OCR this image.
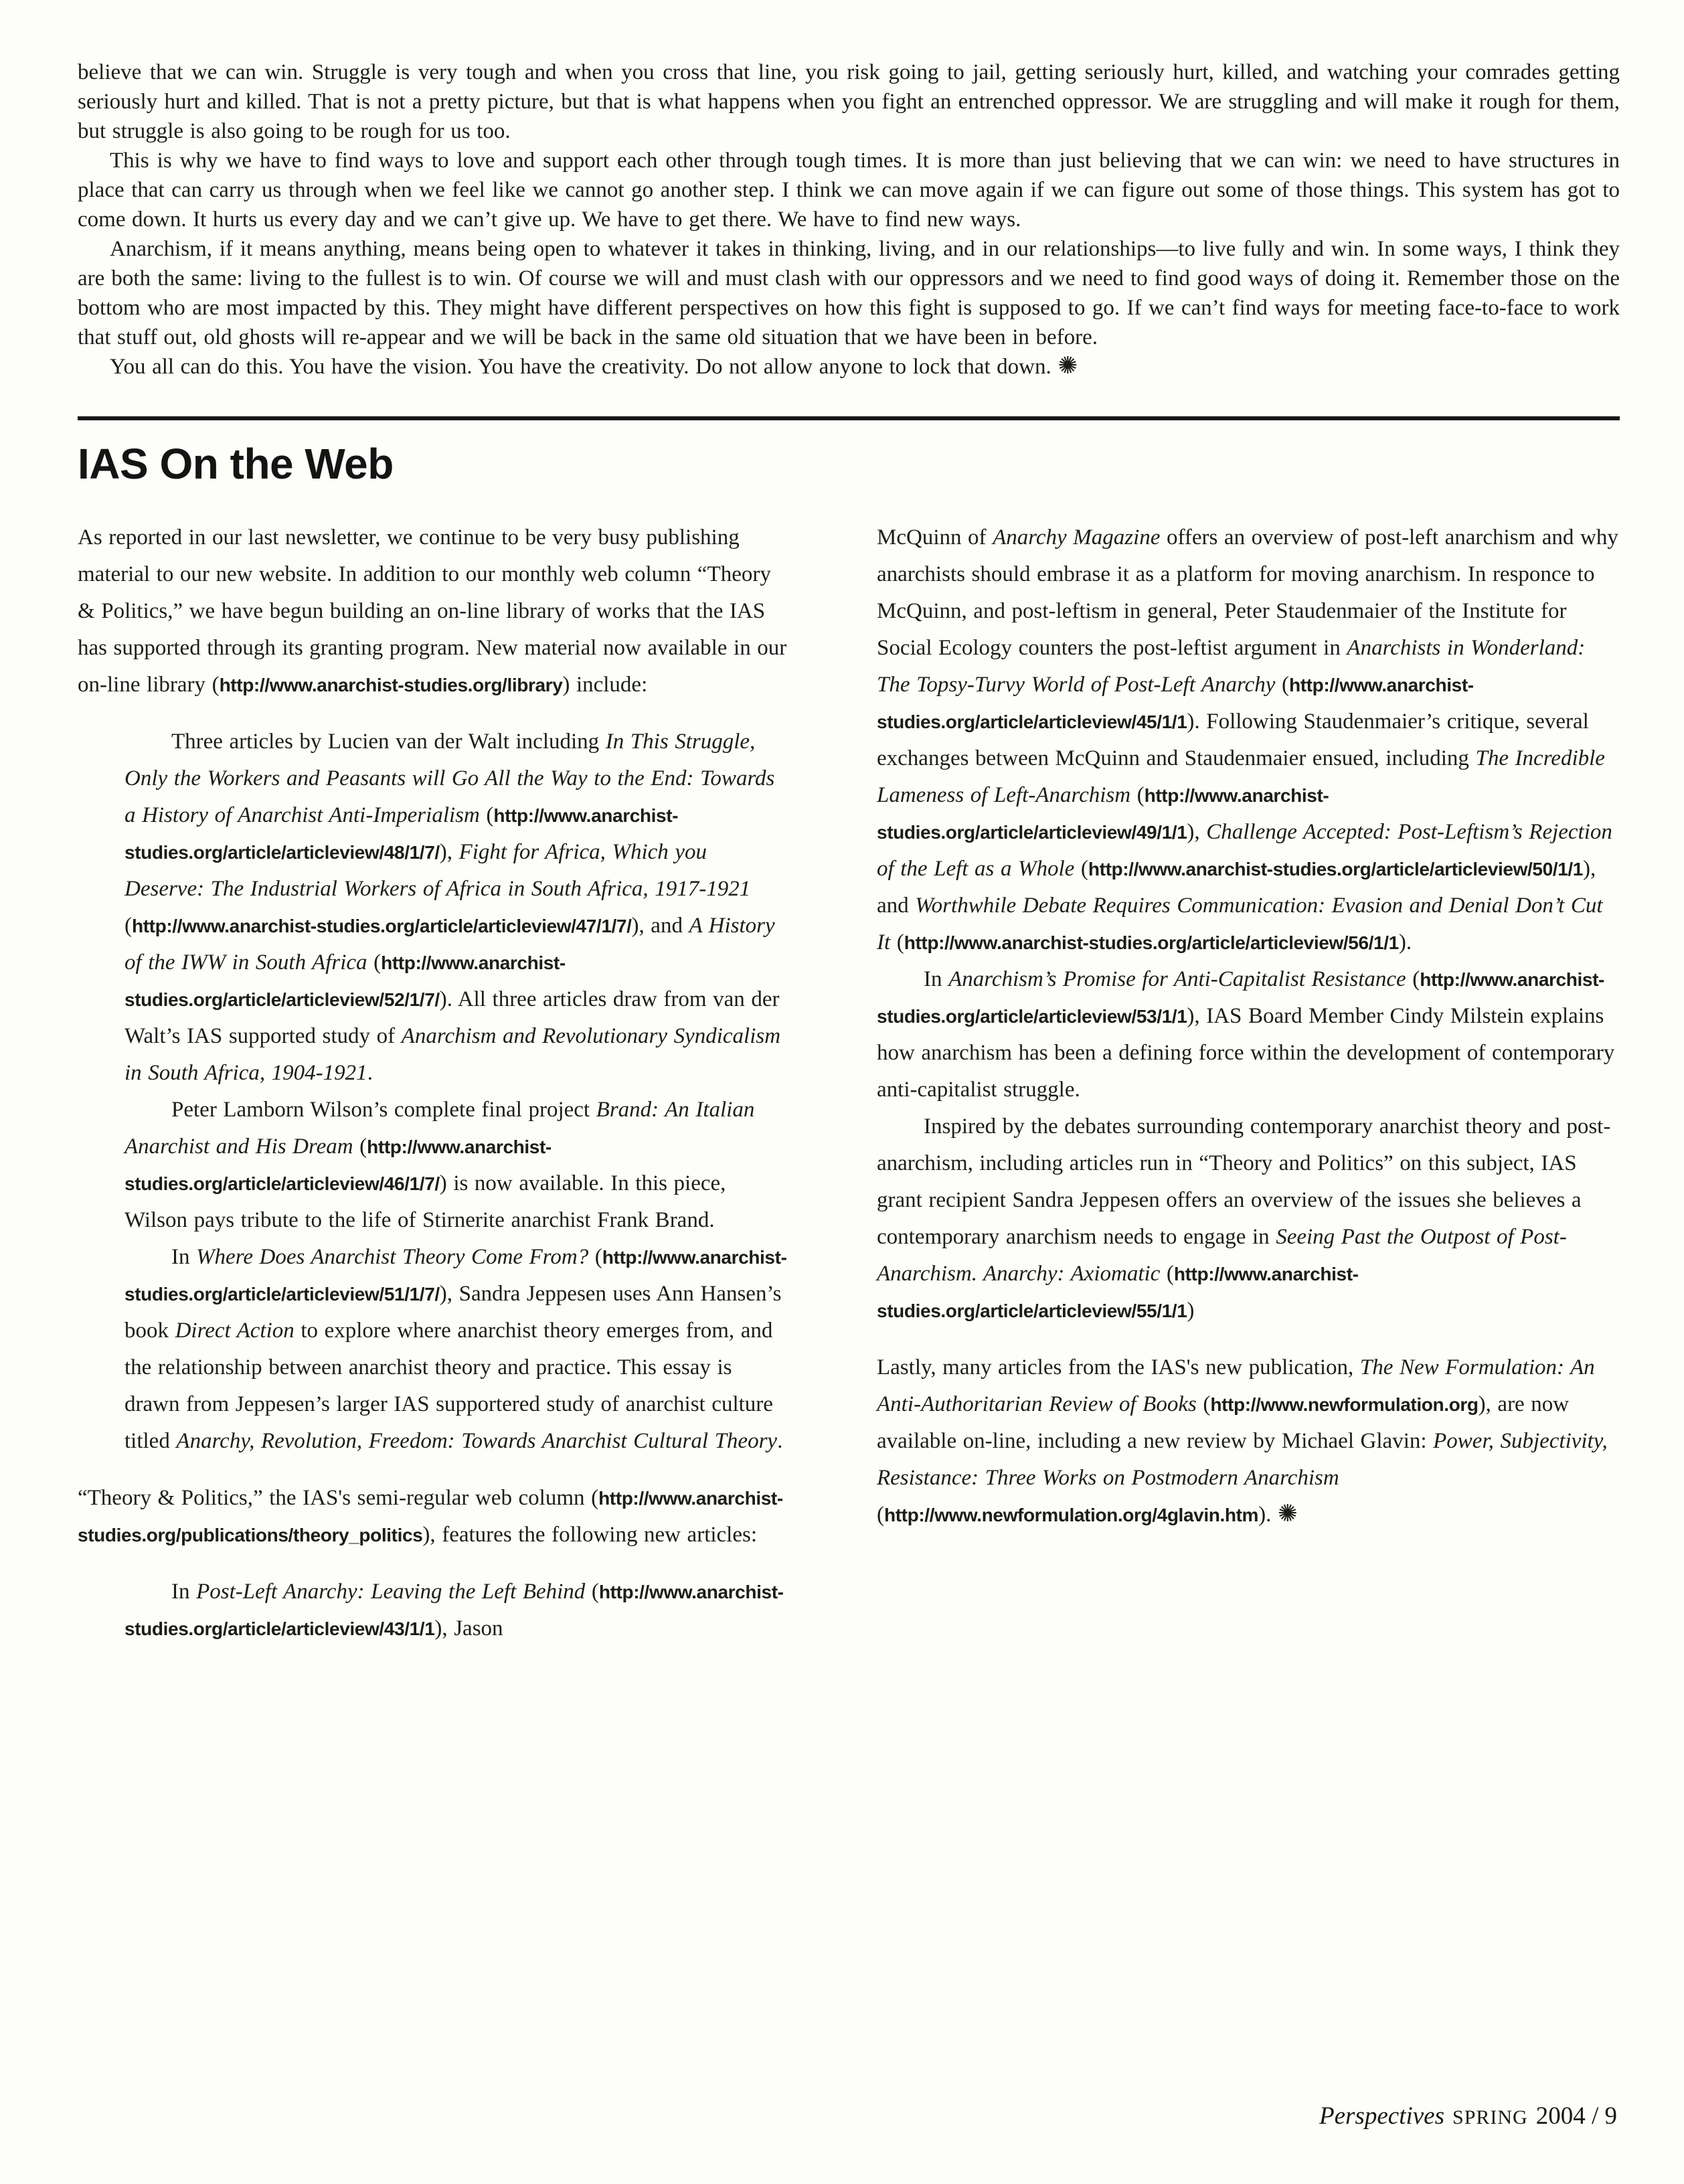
believe that we can win. Struggle is very tough and when you cross that line, you risk going to jail, getting seriously hurt, killed, and watching your comrades getting seriously hurt and killed. That is not a pretty picture, but that is what happens when you fight an entrenched oppressor. We are struggling and will make it rough for them, but struggle is also going to be rough for us too.

This is why we have to find ways to love and support each other through tough times. It is more than just believing that we can win: we need to have structures in place that can carry us through when we feel like we cannot go another step. I think we can move again if we can figure out some of those things. This system has got to come down. It hurts us every day and we can’t give up. We have to get there. We have to find new ways.

Anarchism, if it means anything, means being open to whatever it takes in thinking, living, and in our relationships—to live fully and win. In some ways, I think they are both the same: living to the fullest is to win. Of course we will and must clash with our oppressors and we need to find good ways of doing it. Remember those on the bottom who are most impacted by this. They might have different perspectives on how this fight is supposed to go. If we can’t find ways for meeting face-to-face to work that stuff out, old ghosts will re-appear and we will be back in the same old situation that we have been in before.

You all can do this. You have the vision. You have the creativity. Do not allow anyone to lock that down. ✺

IAS On the Web

As reported in our last newsletter, we continue to be very busy publishing material to our new website. In addition to our monthly web column “Theory & Politics,” we have begun building an on-line library of works that the IAS has supported through its granting program. New material now available in our on-line library (http://www.anarchist-studies.org/library) include:

Three articles by Lucien van der Walt including In This Struggle, Only the Workers and Peasants will Go All the Way to the End: Towards a History of Anarchist Anti-Imperialism (http://www.anarchist-studies.org/article/articleview/48/1/7/), Fight for Africa, Which you Deserve: The Industrial Workers of Africa in South Africa, 1917-1921 (http://www.anarchist-studies.org/article/articleview/47/1/7/), and A History of the IWW in South Africa (http://www.anarchist-studies.org/article/articleview/52/1/7/). All three articles draw from van der Walt’s IAS supported study of Anarchism and Revolutionary Syndicalism in South Africa, 1904-1921.

Peter Lamborn Wilson’s complete final project Brand: An Italian Anarchist and His Dream (http://www.anarchist-studies.org/article/articleview/46/1/7/) is now available. In this piece, Wilson pays tribute to the life of Stirnerite anarchist Frank Brand.

In Where Does Anarchist Theory Come From? (http://www.anarchist-studies.org/article/articleview/51/1/7/), Sandra Jeppesen uses Ann Hansen’s book Direct Action to explore where anarchist theory emerges from, and the relationship between anarchist theory and practice. This essay is drawn from Jeppesen’s larger IAS supportered study of anarchist culture titled Anarchy, Revolution, Freedom: Towards Anarchist Cultural Theory.

“Theory & Politics,” the IAS's semi-regular web column (http://www.anarchist-studies.org/publications/theory_politics), features the following new articles:

In Post-Left Anarchy: Leaving the Left Behind (http://www.anarchist-studies.org/article/articleview/43/1/1), Jason

McQuinn of Anarchy Magazine offers an overview of post-left anarchism and why anarchists should embrase it as a platform for moving anarchism. In responce to McQuinn, and post-leftism in general, Peter Staudenmaier of the Institute for Social Ecology counters the post-leftist argument in Anarchists in Wonderland: The Topsy-Turvy World of Post-Left Anarchy (http://www.anarchist-studies.org/article/articleview/45/1/1). Following Staudenmaier’s critique, several exchanges between McQuinn and Staudenmaier ensued, including The Incredible Lameness of Left-Anarchism (http://www.anarchist-studies.org/article/articleview/49/1/1), Challenge Accepted: Post-Leftism’s Rejection of the Left as a Whole (http://www.anarchist-studies.org/article/articleview/50/1/1), and Worthwhile Debate Requires Communication: Evasion and Denial Don’t Cut It (http://www.anarchist-studies.org/article/articleview/56/1/1).

In Anarchism’s Promise for Anti-Capitalist Resistance (http://www.anarchist-studies.org/article/articleview/53/1/1), IAS Board Member Cindy Milstein explains how anarchism has been a defining force within the development of contemporary anti-capitalist struggle.

Inspired by the debates surrounding contemporary anarchist theory and post-anarchism, including articles run in “Theory and Politics” on this subject, IAS grant recipient Sandra Jeppesen offers an overview of the issues she believes a contemporary anarchism needs to engage in Seeing Past the Outpost of Post-Anarchism. Anarchy: Axiomatic (http://www.anarchist-studies.org/article/articleview/55/1/1)

Lastly, many articles from the IAS's new publication, The New Formulation: An Anti-Authoritarian Review of Books (http://www.newformulation.org), are now available on-line, including a new review by Michael Glavin: Power, Subjectivity, Resistance: Three Works on Postmodern Anarchism (http://www.newformulation.org/4glavin.htm). ✺

Perspectives SPRING 2004 / 9
